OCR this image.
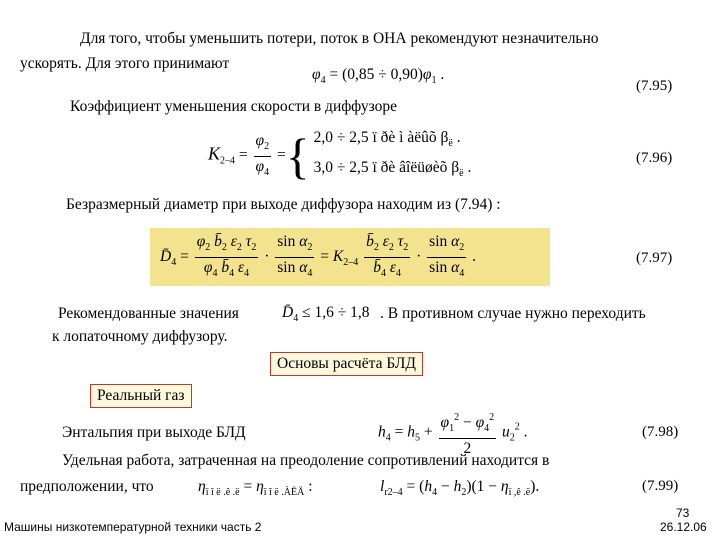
Для того, чтобы уменьшить потери, поток в ОНА рекомендуют незначительно
ускорять. Для этого принимают
$\varphi_4 = (0,85 \div 0,90)\varphi_1$ .
(7.95)
Коэффициент уменьшения скорости в диффузоре
$K_{2-4} = \frac{\varphi_2}{\varphi_4}$ ={ 2,0 ÷ 2,5 ï ðè ì àëûõ $\beta_ë$ .
3,0 ÷ 2,5 ï ðè âîëüøèõ $\beta_ë$ .
(7.96)
Безразмерный диаметр при выходе диффузора находим из (7.94) :
$D̄_4 = \frac{\varphi_2 b̄_2 \varepsilon_2 \tau_2}{\varphi_4 b̄_4 \varepsilon_4} \cdot \frac{\sin \alpha_2}{\sin \alpha_4} = K_{2-4} \frac{b̄_2 \varepsilon_2 \tau_2}{b̄_4 \varepsilon_4} \cdot \frac{\sin \alpha_2}{\sin \alpha_4}$ .	(7.97)
Рекомендованные значения	$D̄_4 \le 1,6 \div 1,8$ . В противном случае нужно переходить
к лопаточному диффузору.
Основы расчёта БЛД
Реальный газ
Энтальпия при выходе БЛД	$h_4 = h_5 + \frac{\varphi_1^2 - \varphi_4^2}{2} u_2^2$ .	(7.98)
Удельная работа, затраченная на преодоление сопротивлений находится в
предположении, что	$\eta_{ï î ë .ê .ë} = \eta_{ï î ë .ÀËÄ}$ :	$l_{r2-4} = (h_4 - h_2)(1 - \eta_{ï ,ê .ë})$.	(7.99)
Машины низкотемпературной техники часть 2
73
26.12.06
